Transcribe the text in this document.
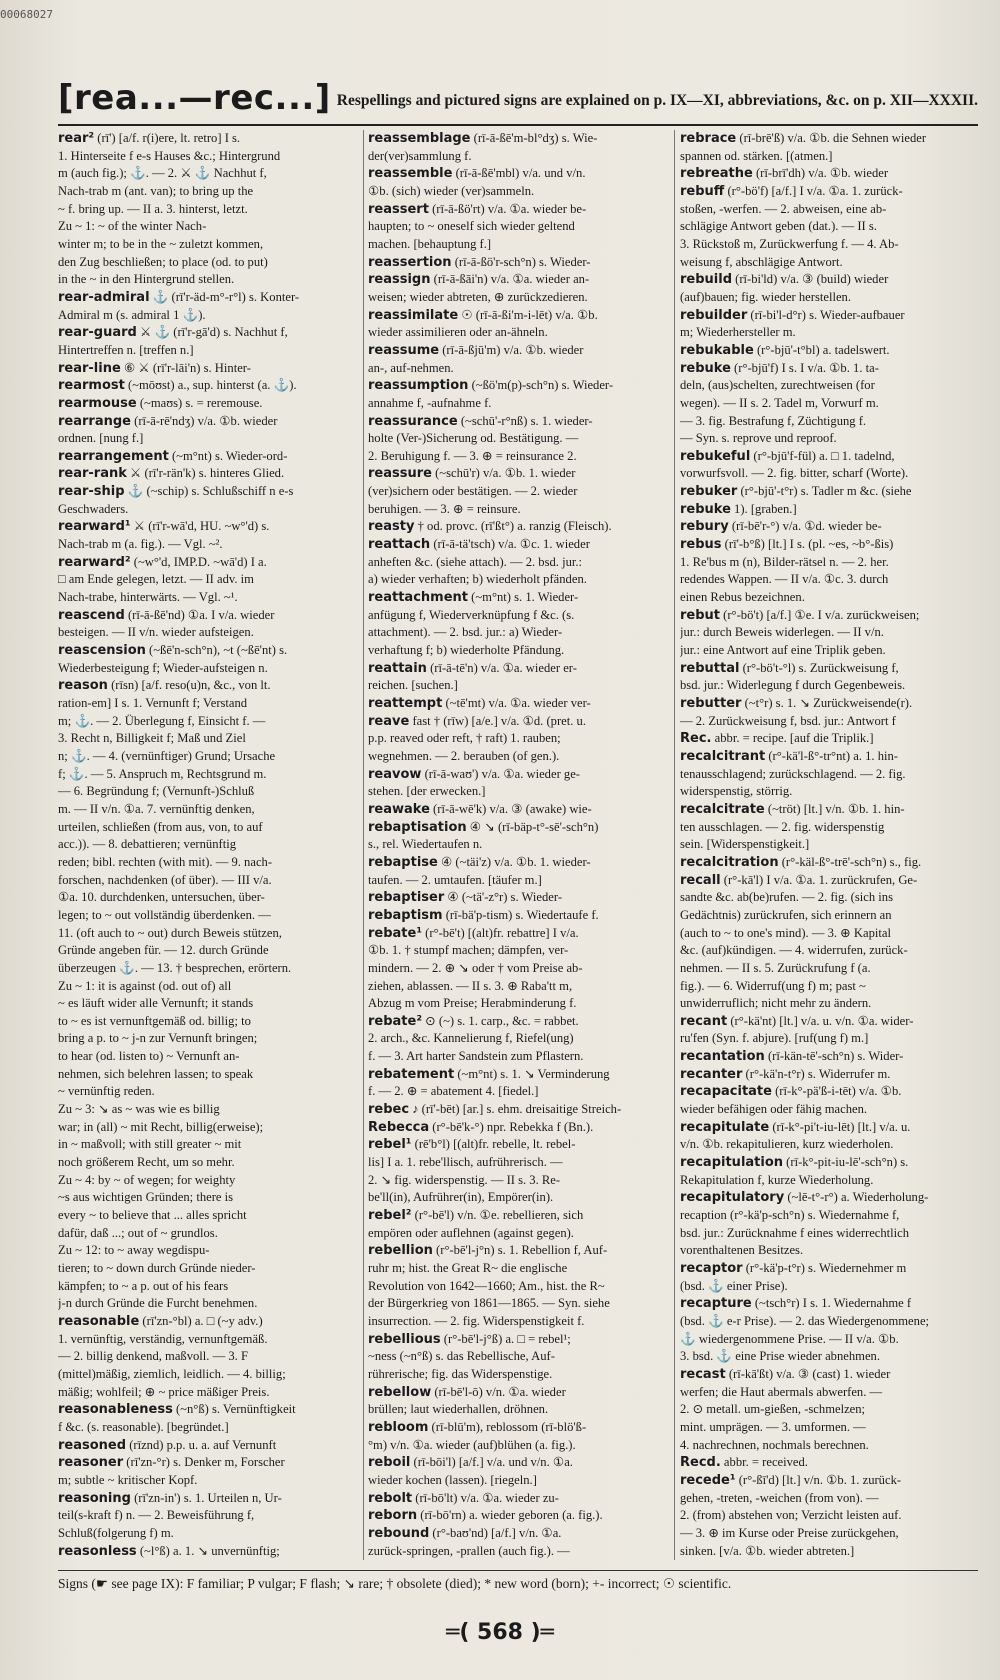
00068027
[rea...—rec...] Respellings and pictured signs are explained on p. IX—XI, abbreviations, &c. on p. XII—XXXII.
rear² (rī') [a/f. r(i)ere, lt. retro] I s.
1. Hinterseite f e-s Hauses &c.; Hintergrund
m (auch fig.); ⚓. — 2. ⚔ ⚓ Nachhut f,
Nach-trab m (ant. van); to bring up the
~ f. bring up. — II a. 3. hinterst, letzt.
Zu ~ 1: ~ of the winter Nach-
winter m; to be in the ~ zuletzt kommen,
den Zug beschließen; to place (od. to put)
in the ~ in den Hintergrund stellen.
rear-admiral ⚓ (rī'r-äd-m°-r°l) s. Konter-
Admiral m (s. admiral 1 ⚓).
rear-guard ⚔ ⚓ (rī'r-gā'd) s. Nachhut f,
Hintertreffen n. [treffen n.]
rear-line ⑥ ⚔ (rī'r-lāi'n) s. Hinter-
rearmost (~mōʊst) a., sup. hinterst (a. ⚓).
rearmouse (~maʊs) s. = reremouse.
rearrange (rī-ā-rē'ndʒ) v/a. ①b. wieder
ordnen. [nung f.]
rearrangement (~m°nt) s. Wieder-ord-
rear-rank ⚔ (rī'r-rän'k) s. hinteres Glied.
rear-ship ⚓ (~schip) s. Schlußschiff n e-s
Geschwaders.
rearward¹ ⚔ (rī'r-wā'd, HU. ~w°'d) s.
Nach-trab m (a. fig.). — Vgl. ~².
rearward² (~w°'d, IMP.D. ~wā'd) I a.
□ am Ende gelegen, letzt. — II adv. im
Nach-trabe, hinterwärts. — Vgl. ~¹.
reascend (rī-ā-ßē'nd) ①a. I v/a. wieder
besteigen. — II v/n. wieder aufsteigen.
reascension (~ßē'n-sch°n), ~t (~ßē'nt) s.
Wiederbesteigung f; Wieder-aufsteigen n.
reason (rīsn) [a/f. reso(u)n, &c., von lt.
ration-em] I s. 1. Vernunft f; Verstand
m; ⚓. — 2. Überlegung f, Einsicht f. —
3. Recht n, Billigkeit f; Maß und Ziel
n; ⚓. — 4. (vernünftiger) Grund; Ursache
f; ⚓. — 5. Anspruch m, Rechtsgrund m.
— 6. Begründung f; (Vernunft-)Schluß
m. — II v/n. ①a. 7. vernünftig denken,
urteilen, schließen (from aus, von, to auf
acc.)). — 8. debattieren; vernünftig
reden; bibl. rechten (with mit). — 9. nach-
forschen, nachdenken (of über). — III v/a.
①a. 10. durchdenken, untersuchen, über-
legen; to ~ out vollständig überdenken. —
11. (oft auch to ~ out) durch Beweis stützen,
Gründe angeben für. — 12. durch Gründe
überzeugen ⚓. — 13. † besprechen, erörtern.
Zu ~ 1: it is against (od. out of) all
~ es läuft wider alle Vernunft; it stands
to ~ es ist vernunftgemäß od. billig; to
bring a p. to ~ j-n zur Vernunft bringen;
to hear (od. listen to) ~ Vernunft an-
nehmen, sich belehren lassen; to speak
~ vernünftig reden.
Zu ~ 3: ↘ as ~ was wie es billig
war; in (all) ~ mit Recht, billig(erweise);
in ~ maßvoll; with still greater ~ mit
noch größerem Recht, um so mehr.
Zu ~ 4: by ~ of wegen; for weighty
~s aus wichtigen Gründen; there is
every ~ to believe that ... alles spricht
dafür, daß ...; out of ~ grundlos.
Zu ~ 12: to ~ away wegdispu-
tieren; to ~ down durch Gründe nieder-
kämpfen; to ~ a p. out of his fears
j-n durch Gründe die Furcht benehmen.
reasonable (rī'zn-°bl) a. □ (~y adv.)
1. vernünftig, verständig, vernunftgemäß.
— 2. billig denkend, maßvoll. — 3. F
(mittel)mäßig, ziemlich, leidlich. — 4. billig;
mäßig; wohlfeil; ⊕ ~ price mäßiger Preis.
reasonableness (~n°ß) s. Vernünftigkeit
f &c. (s. reasonable). [begründet.]
reasoned (rīznd) p.p. u. a. auf Vernunft
reasoner (rī'zn-°r) s. Denker m, Forscher
m; subtle ~ kritischer Kopf.
reasoning (rī'zn-in') s. 1. Urteilen n, Ur-
teil(s-kraft f) n. — 2. Beweisführung f,
Schluß(folgerung f) m.
reasonless (~l°ß) a. 1. ↘ unvernünftig;
reassemblage (rī-ā-ßē'm-bl°dʒ) s. Wie-
der(ver)sammlung f.
reassemble (rī-ā-ßē'mbl) v/a. und v/n.
①b. (sich) wieder (ver)sammeln.
reassert (rī-ā-ßö'rt) v/a. ①a. wieder be-
haupten; to ~ oneself sich wieder geltend
machen. [behauptung f.]
reassertion (rī-ā-ßö'r-sch°n) s. Wieder-
reassign (rī-ā-ßāi'n) v/a. ①a. wieder an-
weisen; wieder abtreten, ⊕ zurückzedieren.
reassimilate ☉ (rī-ā-ßi'm-i-lēt) v/a. ①b.
wieder assimilieren oder an-ähneln.
reassume (rī-ā-ßjū'm) v/a. ①b. wieder
an-, auf-nehmen.
reassumption (~ßö'm(p)-sch°n) s. Wieder-
annahme f, -aufnahme f.
reassurance (~schū'-r°nß) s. 1. wieder-
holte (Ver-)Sicherung od. Bestätigung. —
2. Beruhigung f. — 3. ⊕ = reinsurance 2.
reassure (~schū'r) v/a. ①b. 1. wieder
(ver)sichern oder bestätigen. — 2. wieder
beruhigen. — 3. ⊕ = reinsure.
reasty † od. provc. (rī'ßt°) a. ranzig (Fleisch).
reattach (rī-ā-tä'tsch) v/a. ①c. 1. wieder
anheften &c. (siehe attach). — 2. bsd. jur.:
a) wieder verhaften; b) wiederholt pfänden.
reattachment (~m°nt) s. 1. Wieder-
anfügung f, Wiederverknüpfung f &c. (s.
attachment). — 2. bsd. jur.: a) Wieder-
verhaftung f; b) wiederholte Pfändung.
reattain (rī-ā-tē'n) v/a. ①a. wieder er-
reichen. [suchen.]
reattempt (~tē'mt) v/a. ①a. wieder ver-
reave fast † (rīw) [a/e.] v/a. ①d. (pret. u.
p.p. reaved oder reft, † raft) 1. rauben;
wegnehmen. — 2. berauben (of gen.).
reavow (rī-ā-waʊ') v/a. ①a. wieder ge-
stehen. [der erwecken.]
reawake (rī-ā-wē'k) v/a. ③ (awake) wie-
rebaptisation ④ ↘ (rī-bäp-t°-sē'-sch°n)
s., rel. Wiedertaufen n.
rebaptise ④ (~täi'z) v/a. ①b. 1. wieder-
taufen. — 2. umtaufen. [täufer m.]
rebaptiser ④ (~tä'-z°r) s. Wieder-
rebaptism (rī-bä'p-tism) s. Wiedertaufe f.
rebate¹ (r°-bē't) [(alt)fr. rebattre] I v/a.
①b. 1. † stumpf machen; dämpfen, ver-
mindern. — 2. ⊕ ↘ oder † vom Preise ab-
ziehen, ablassen. — II s. 3. ⊕ Raba'tt m,
Abzug m vom Preise; Herabminderung f.
rebate² ⊙ (~) s. 1. carp., &c. = rabbet.
2. arch., &c. Kannelierung f, Riefel(ung)
f. — 3. Art harter Sandstein zum Pflastern.
rebatement (~m°nt) s. 1. ↘ Verminderung
f. — 2. ⊕ = abatement 4. [fiedel.]
rebec ♪ (rī'-bēt) [ar.] s. ehm. dreisaitige Streich-
Rebecca (r°-bē'k-°) npr. Rebekka f (Bn.).
rebel¹ (rē'b°l) [(alt)fr. rebelle, lt. rebel-
lis] I a. 1. rebe'llisch, aufrührerisch. —
2. ↘ fig. widerspenstig. — II s. 3. Re-
be'll(in), Aufrührer(in), Empörer(in).
rebel² (r°-bē'l) v/n. ①e. rebellieren, sich
empören oder auflehnen (against gegen).
rebellion (r°-bē'l-j°n) s. 1. Rebellion f, Auf-
ruhr m; hist. the Great R~ die englische
Revolution von 1642—1660; Am., hist. the R~
der Bürgerkrieg von 1861—1865. — Syn. siehe
insurrection. — 2. fig. Widerspenstigkeit f.
rebellious (r°-bē'l-j°ß) a. □ = rebel¹;
~ness (~n°ß) s. das Rebellische, Auf-
rührerische; fig. das Widerspenstige.
rebellow (rī-bē'l-ō) v/n. ①a. wieder
brüllen; laut wiederhallen, dröhnen.
rebloom (rī-blū'm), reblossom (rī-blö'ß-
°m) v/n. ①a. wieder (auf)blühen (a. fig.).
reboil (rī-bōi'l) [a/f.] v/a. und v/n. ①a.
wieder kochen (lassen). [riegeln.]
rebolt (rī-bō'lt) v/a. ①a. wieder zu-
reborn (rī-bō'rn) a. wieder geboren (a. fig.).
rebound (r°-baʊ'nd) [a/f.] v/n. ①a.
zurück-springen, -prallen (auch fig.). —
rebrace (rī-brē'ß) v/a. ①b. die Sehnen wieder
spannen od. stärken. [(atmen.]
rebreathe (rī-brī'dh) v/a. ①b. wieder
rebuff (r°-bö'f) [a/f.] I v/a. ①a. 1. zurück-
stoßen, -werfen. — 2. abweisen, eine ab-
schlägige Antwort geben (dat.). — II s.
3. Rückstoß m, Zurückwerfung f. — 4. Ab-
weisung f, abschlägige Antwort.
rebuild (rī-bi'ld) v/a. ③ (build) wieder
(auf)bauen; fig. wieder herstellen.
rebuilder (rī-bi'l-d°r) s. Wieder-aufbauer
m; Wiederhersteller m.
rebukable (r°-bjū'-t°bl) a. tadelswert.
rebuke (r°-bjū'f) I s. I v/a. ①b. 1. ta-
deln, (aus)schelten, zurechtweisen (for
wegen). — II s. 2. Tadel m, Vorwurf m.
— 3. fig. Bestrafung f, Züchtigung f.
— Syn. s. reprove und reproof.
rebukeful (r°-bjū'f-fül) a. □ 1. tadelnd,
vorwurfsvoll. — 2. fig. bitter, scharf (Worte).
rebuker (r°-bjū'-t°r) s. Tadler m &c. (siehe
rebuke 1). [graben.]
rebury (rī-bē'r-°) v/a. ①d. wieder be-
rebus (rī'-b°ß) [lt.] I s. (pl. ~es, ~b°-ßis)
1. Re'bus m (n), Bilder-rätsel n. — 2. her.
redendes Wappen. — II v/a. ①c. 3. durch
einen Rebus bezeichnen.
rebut (r°-bö't) [a/f.] ①e. I v/a. zurückweisen;
jur.: durch Beweis widerlegen. — II v/n.
jur.: eine Antwort auf eine Triplik geben.
rebuttal (r°-bö't-°l) s. Zurückweisung f,
bsd. jur.: Widerlegung f durch Gegenbeweis.
rebutter (~t°r) s. 1. ↘ Zurückweisende(r).
— 2. Zurückweisung f, bsd. jur.: Antwort f
Rec. abbr. = recipe. [auf die Triplik.]
recalcitrant (r°-kä'l-ß°-tr°nt) a. 1. hin-
tenausschlagend; zurückschlagend. — 2. fig.
widerspenstig, störrig.
recalcitrate (~tröt) [lt.] v/n. ①b. 1. hin-
ten ausschlagen. — 2. fig. widerspenstig
sein. [Widerspenstigkeit.]
recalcitration (r°-käl-ß°-trē'-sch°n) s., fig.
recall (r°-kā'l) I v/a. ①a. 1. zurückrufen, Ge-
sandte &c. ab(be)rufen. — 2. fig. (sich ins
Gedächtnis) zurückrufen, sich erinnern an
(auch to ~ to one's mind). — 3. ⊕ Kapital
&c. (auf)kündigen. — 4. widerrufen, zurück-
nehmen. — II s. 5. Zurückrufung f (a.
fig.). — 6. Widerruf(ung f) m; past ~
unwiderruflich; nicht mehr zu ändern.
recant (r°-kä'nt) [lt.] v/a. u. v/n. ①a. wider-
ru'fen (Syn. f. abjure). [ruf(ung f) m.]
recantation (rī-kän-tē'-sch°n) s. Wider-
recanter (r°-kä'n-t°r) s. Widerrufer m.
recapacitate (rī-k°-pä'ß-i-tēt) v/a. ①b.
wieder befähigen oder fähig machen.
recapitulate (rī-k°-pi't-iu-lēt) [lt.] v/a. u.
v/n. ①b. rekapitulieren, kurz wiederholen.
recapitulation (rī-k°-pit-iu-lē'-sch°n) s.
Rekapitulation f, kurze Wiederholung.
recapitulatory (~lē-t°-r°) a. Wiederholung-
recaption (r°-kä'p-sch°n) s. Wiedernahme f,
bsd. jur.: Zurücknahme f eines widerrechtlich
vorenthaltenen Besitzes.
recaptor (r°-kä'p-t°r) s. Wiedernehmer m
(bsd. ⚓ einer Prise).
recapture (~tsch°r) I s. 1. Wiedernahme f
(bsd. ⚓ e-r Prise). — 2. das Wiedergenommene;
⚓ wiedergenommene Prise. — II v/a. ①b.
3. bsd. ⚓ eine Prise wieder abnehmen.
recast (rī-kā'ßt) v/a. ③ (cast) 1. wieder
werfen; die Haut abermals abwerfen. —
2. ⊙ metall. um-gießen, -schmelzen;
mint. umprägen. — 3. umformen. —
4. nachrechnen, nochmals berechnen.
Recd. abbr. = received.
recede¹ (r°-ßī'd) [lt.] v/n. ①b. 1. zurück-
gehen, -treten, -weichen (from von). —
2. (from) abstehen von; Verzicht leisten auf.
— 3. ⊕ im Kurse oder Preise zurückgehen,
sinken. [v/a. ①b. wieder abtreten.]
Signs (☛ see page IX): F familiar; P vulgar; F flash; ↘ rare; † obsolete (died); * new word (born); +- incorrect; ☉ scientific.
═( 568 )═
